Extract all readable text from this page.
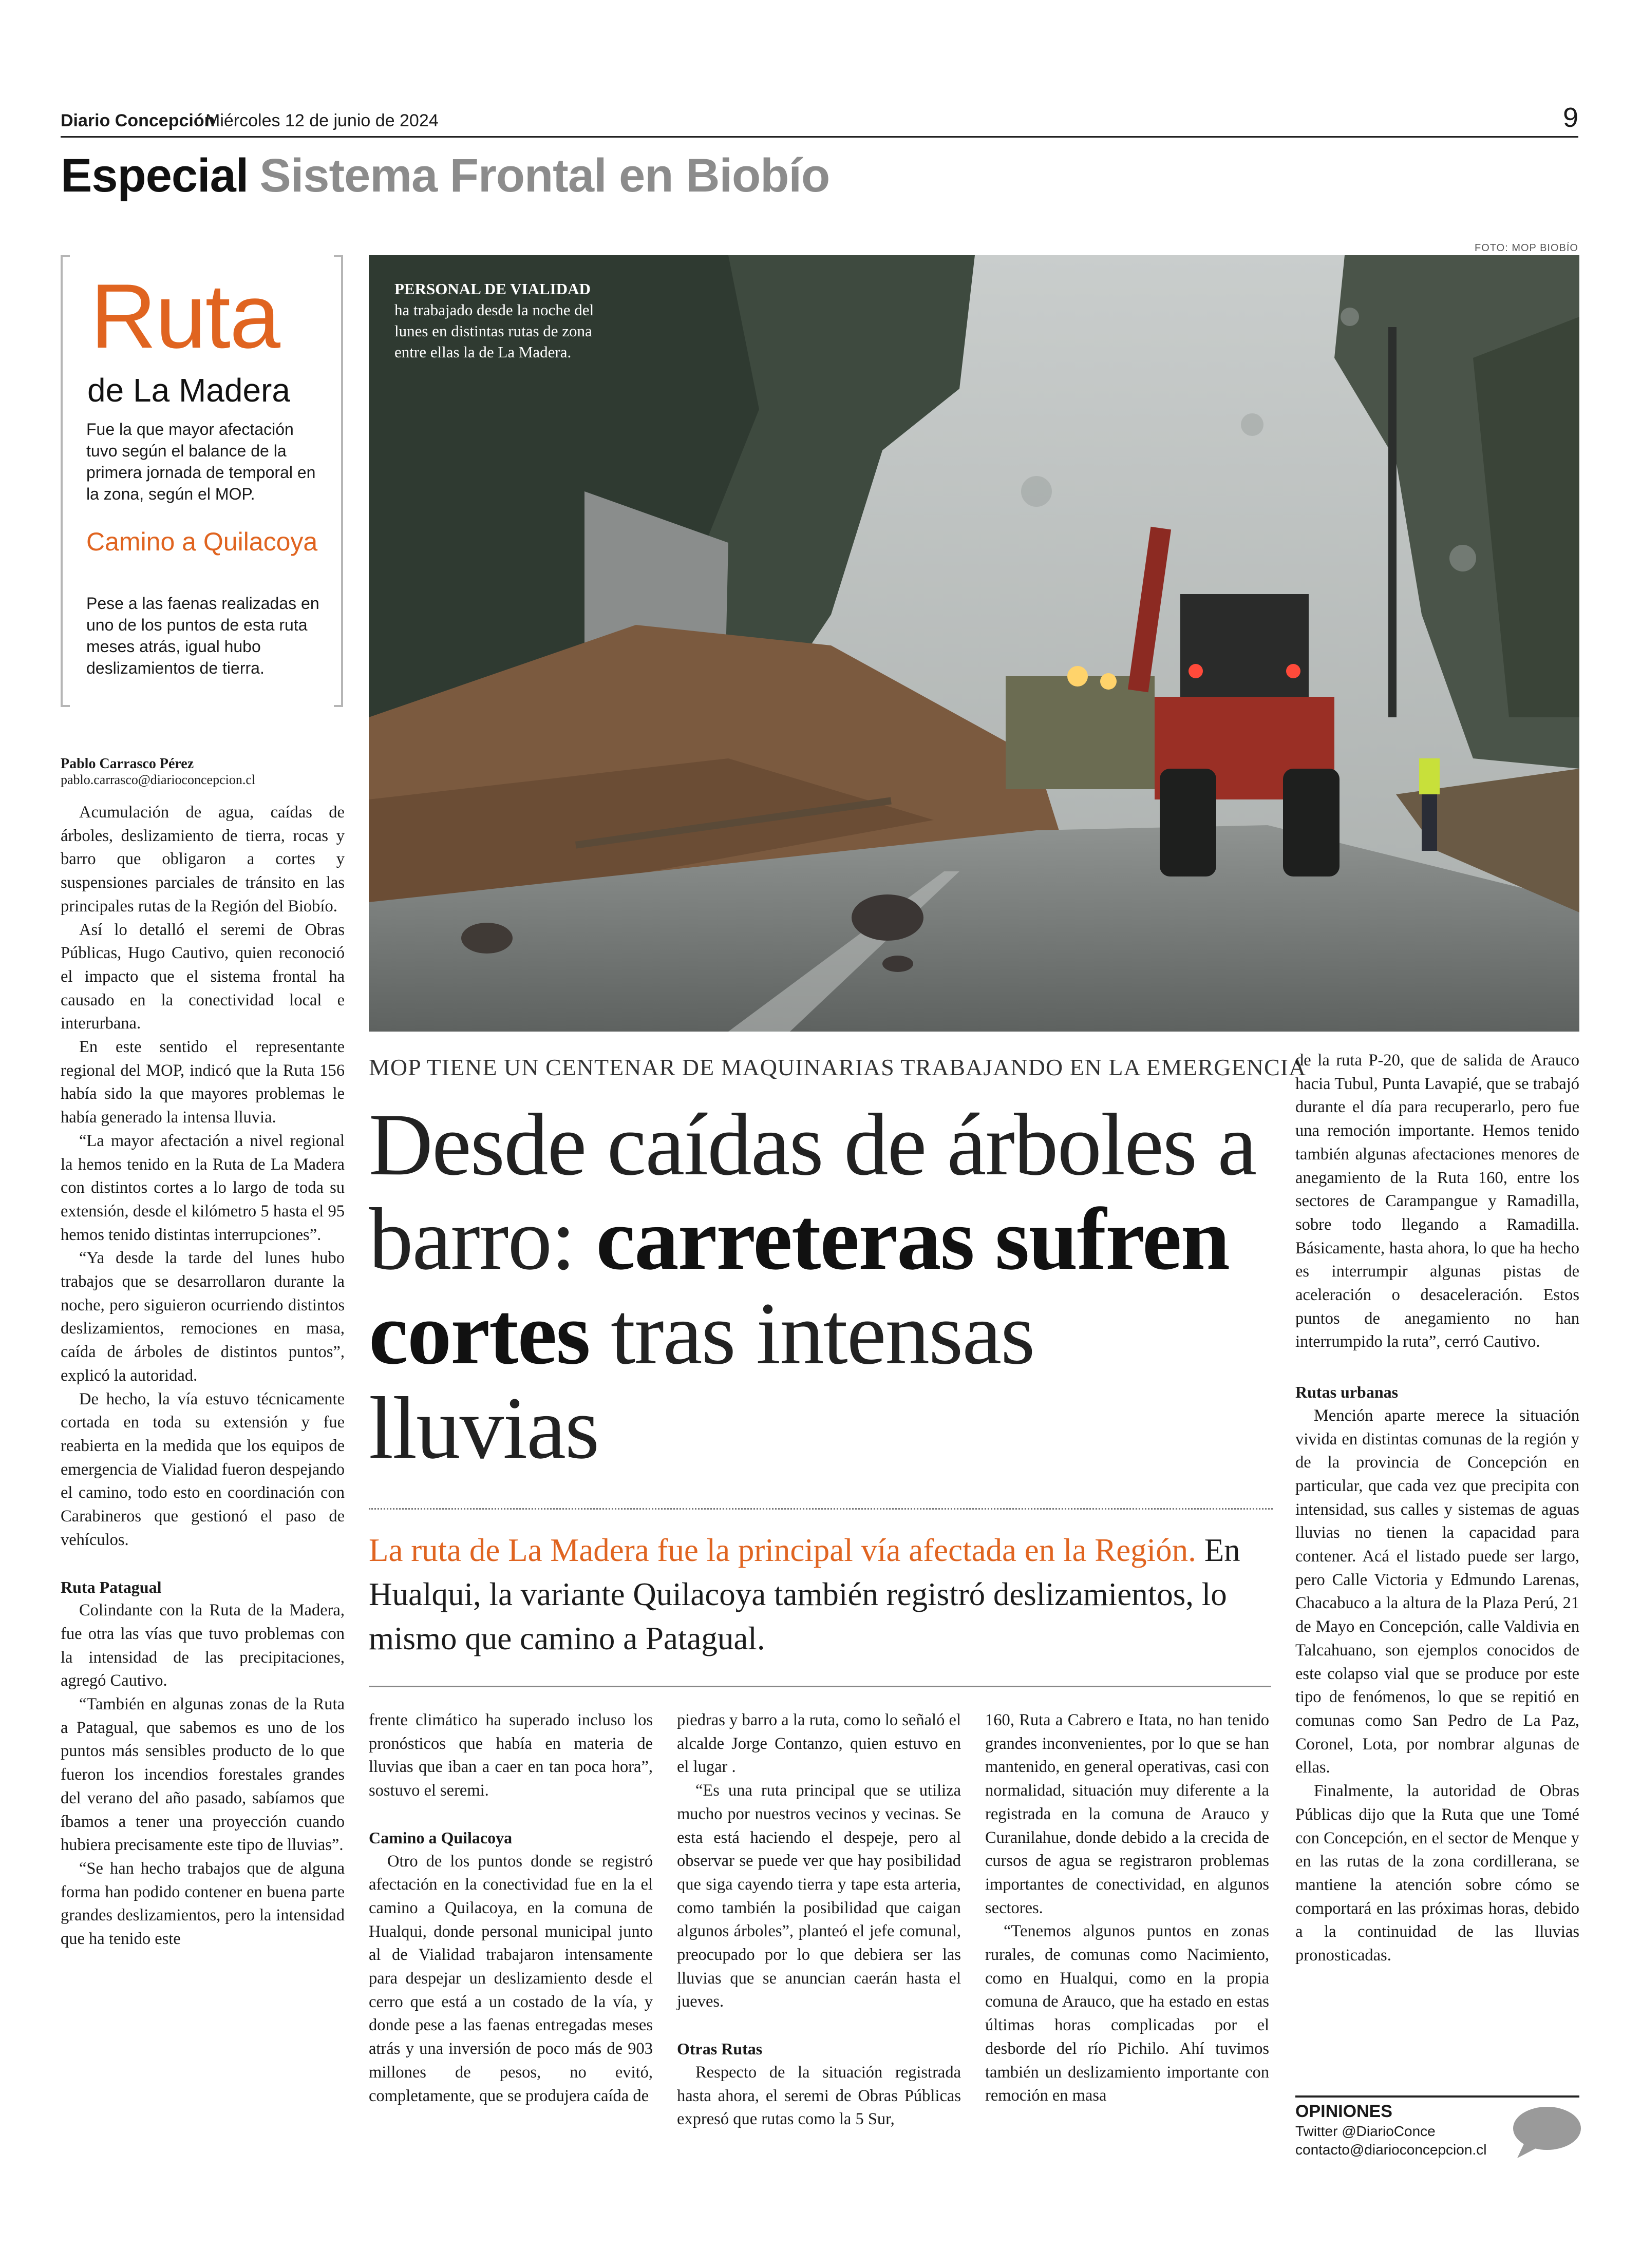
Diario Concepción
Miércoles 12 de junio de 2024	9
Especial Sistema Frontal en Biobío
Ruta
de La Madera
Fue la que mayor afectación tuvo según el balance de la primera jornada de temporal en la zona, según el MOP.
Camino a Quilacoya
Pese a las faenas realizadas en uno de los puntos de esta ruta meses atrás, igual hubo deslizamientos de tierra.
Pablo Carrasco Pérez
pablo.carrasco@diarioconcepcion.cl

Acumulación de agua, caídas de árboles, deslizamiento de tierra, rocas y barro que obligaron a cortes y suspensiones parciales de tránsito en las principales rutas de la Región del Biobío.

Así lo detalló el seremi de Obras Públicas, Hugo Cautivo, quien reconoció el impacto que el sistema frontal ha causado en la conectividad local e interurbana.

En este sentido el representante regional del MOP, indicó que la Ruta 156 había sido la que mayores problemas le había generado la intensa lluvia.

“La mayor afectación a nivel regional la hemos tenido en la Ruta de La Madera con distintos cortes a lo largo de toda su extensión, desde el kilómetro 5 hasta el 95 hemos tenido distintas interrupciones”.

“Ya desde la tarde del lunes hubo trabajos que se desarrollaron durante la noche, pero siguieron ocurriendo distintos deslizamientos, remociones en masa, caída de árboles de distintos puntos”, explicó la autoridad.

De hecho, la vía estuvo técnicamente cortada en toda su extensión y fue reabierta en la medida que los equipos de emergencia de Vialidad fueron despejando el camino, todo esto en coordinación con Carabineros que gestionó el paso de vehículos.

Ruta Patagual

Colindante con la Ruta de la Madera, fue otra las vías que tuvo problemas con la intensidad de las precipitaciones, agregó Cautivo.

“También en algunas zonas de la Ruta a Patagual, que sabemos es uno de los puntos más sensibles producto de lo que fueron los incendios forestales grandes del verano del año pasado, sabíamos que íbamos a tener una proyección cuando hubiera precisamente este tipo de lluvias”.

“Se han hecho trabajos que de alguna forma han podido contener en buena parte grandes deslizamientos, pero la intensidad que ha tenido este

FOTO: MOP BIOBÍO
PERSONAL DE VIALIDAD ha trabajado desde la noche del lunes en distintas rutas de zona entre ellas la de La Madera.
MOP TIENE UN CENTENAR DE MAQUINARIAS TRABAJANDO EN LA EMERGENCIA
Desde caídas de árboles a barro: carreteras sufren cortes tras intensas lluvias
La ruta de La Madera fue la principal vía afectada en la Región. En Hualqui, la variante Quilacoya también registró deslizamientos, lo mismo que camino a Patagual.

frente climático ha superado incluso los pronósticos que había en materia de lluvias que iban a caer en tan poca hora”, sostuvo el seremi.

Camino a Quilacoya

Otro de los puntos donde se registró afectación en la conectividad fue en la el camino a Quilacoya, en la comuna de Hualqui, donde personal municipal junto al de Vialidad trabajaron intensamente para despejar un deslizamiento desde el cerro que está a un costado de la vía, y donde pese a las faenas entregadas meses atrás y una inversión de poco más de 903 millones de pesos, no evitó, completamente, que se produjera caída de

piedras y barro a la ruta, como lo señaló el alcalde Jorge Contanzo, quien estuvo en el lugar .

“Es una ruta principal que se utiliza mucho por nuestros vecinos y vecinas. Se esta está haciendo el despeje, pero al observar se puede ver que hay posibilidad que siga cayendo tierra y tape esta arteria, como también la posibilidad que caigan algunos árboles”, planteó el jefe comunal, preocupado por lo que debiera ser las lluvias que se anuncian caerán hasta el jueves.

Otras Rutas

Respecto de la situación registrada hasta ahora, el seremi de Obras Públicas expresó que rutas como la 5 Sur,

160, Ruta a Cabrero e Itata, no han tenido grandes inconvenientes, por lo que se han mantenido, en general operativas, casi con normalidad, situación muy diferente a la registrada en la comuna de Arauco y Curanilahue, donde debido a la crecida de cursos de agua se registraron problemas importantes de conectividad, en algunos sectores.

“Tenemos algunos puntos en zonas rurales, de comunas como Nacimiento, como en Hualqui, como en la propia comuna de Arauco, que ha estado en estas últimas horas complicadas por el desborde del río Pichilo. Ahí tuvimos también un deslizamiento importante con remoción en masa

de la ruta P-20, que de salida de Arauco hacia Tubul, Punta Lavapié, que se trabajó durante el día para recuperarlo, pero fue una remoción importante. Hemos tenido también algunas afectaciones menores de anegamiento de la Ruta 160, entre los sectores de Carampangue y Ramadilla, sobre todo llegando a Ramadilla. Básicamente, hasta ahora, lo que ha hecho es interrumpir algunas pistas de aceleración o desaceleración. Estos puntos de anegamiento no han interrumpido la ruta”, cerró Cautivo.

Rutas urbanas

Mención aparte merece la situación vivida en distintas comunas de la región y de la provincia de Concepción en particular, que cada vez que precipita con intensidad, sus calles y sistemas de aguas lluvias no tienen la capacidad para contener. Acá el listado puede ser largo, pero Calle Victoria y Edmundo Larenas, Chacabuco a la altura de la Plaza Perú, 21 de Mayo en Concepción, calle Valdivia en Talcahuano, son ejemplos conocidos de este colapso vial que se produce por este tipo de fenómenos, lo que se repitió en comunas como San Pedro de La Paz, Coronel, Lota, por nombrar algunas de ellas.

Finalmente, la autoridad de Obras Públicas dijo que la Ruta que une Tomé con Concepción, en el sector de Menque y en las rutas de la zona cordillerana, se mantiene la atención sobre cómo se comportará en las próximas horas, debido a la continuidad de las lluvias pronosticadas.

OPINIONES
Twitter @DiarioConce
contacto@diarioconcepcion.cl
